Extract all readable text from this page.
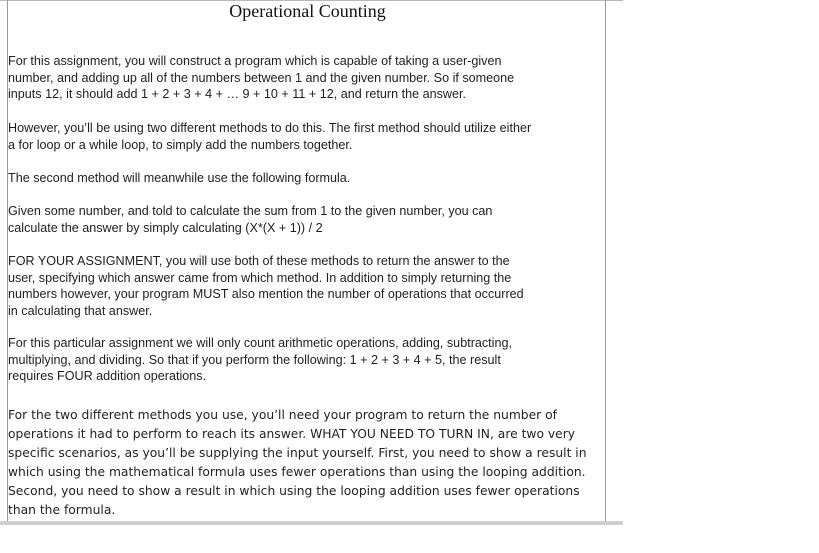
Operational Counting

For this assignment, you will construct a program which is capable of taking a user-given
number, and adding up all of the numbers between 1 and the given number. So if someone
inputs 12, it should add 1 + 2 + 3 + 4 + … 9 + 10 + 11 + 12, and return the answer.

However, you’ll be using two different methods to do this. The first method should utilize either
a for loop or a while loop, to simply add the numbers together.

The second method will meanwhile use the following formula.

Given some number, and told to calculate the sum from 1 to the given number, you can
calculate the answer by simply calculating (X*(X + 1)) / 2

FOR YOUR ASSIGNMENT, you will use both of these methods to return the answer to the
user, specifying which answer came from which method. In addition to simply returning the
numbers however, your program MUST also mention the number of operations that occurred
in calculating that answer.

For this particular assignment we will only count arithmetic operations, adding, subtracting,
multiplying, and dividing. So that if you perform the following: 1 + 2 + 3 + 4 + 5, the result
requires FOUR addition operations.

For the two different methods you use, you’ll need your program to return the number of
operations it had to perform to reach its answer. WHAT YOU NEED TO TURN IN, are two very
specific scenarios, as you’ll be supplying the input yourself. First, you need to show a result in
which using the mathematical formula uses fewer operations than using the looping addition.
Second, you need to show a result in which using the looping addition uses fewer operations
than the formula.
